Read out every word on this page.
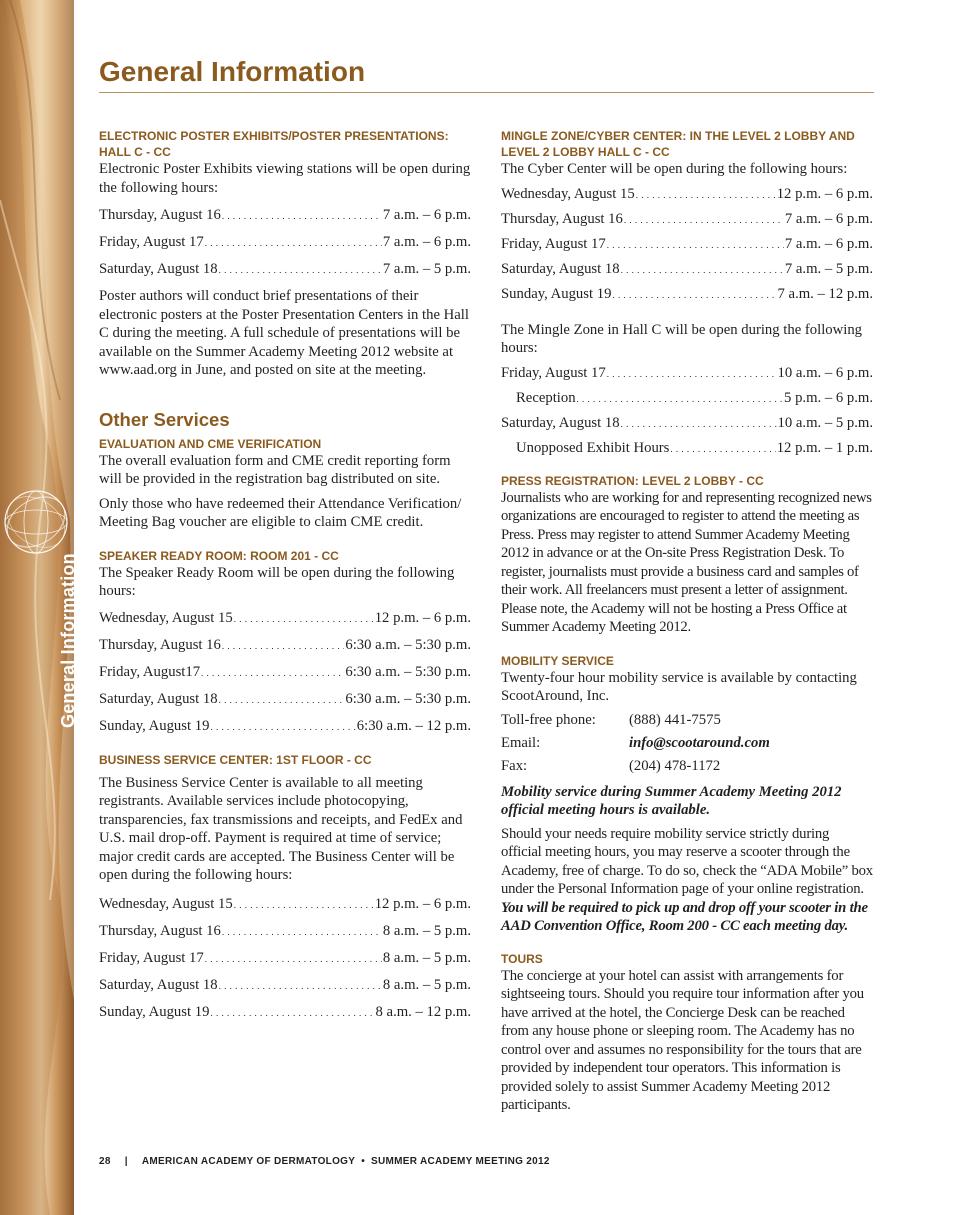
General Information
General Information
ELECTRONIC POSTER EXHIBITS/POSTER PRESENTATIONS:
HALL C - CC

Electronic Poster Exhibits viewing stations will be open during the following hours:

Thursday, August 16 . . .	7 a.m. – 6 p.m.
Friday, August 17 . . .	7 a.m. – 6 p.m.
Saturday, August 18 . . .	7 a.m. – 5 p.m.

Poster authors will conduct brief presentations of their electronic posters at the Poster Presentation Centers in the Hall C during the meeting. A full schedule of presentations will be available on the Summer Academy Meeting 2012 website at www.aad.org in June, and posted on site at the meeting.

Other Services
EVALUATION AND CME VERIFICATION

The overall evaluation form and CME credit reporting form will be provided in the registration bag distributed on site.

Only those who have redeemed their Attendance Verification/ Meeting Bag voucher are eligible to claim CME credit.

SPEAKER READY ROOM: ROOM 201 - CC

The Speaker Ready Room will be open during the following hours:

Wednesday, August 15 . . .	12 p.m. – 6 p.m.
Thursday, August 16 . . .	6:30 a.m. – 5:30 p.m.
Friday, August17 . . .	6:30 a.m. – 5:30 p.m.
Saturday, August 18 . . .	6:30 a.m. – 5:30 p.m.
Sunday, August 19 . . .	6:30 a.m. – 12 p.m.
BUSINESS SERVICE CENTER: 1ST FLOOR - CC

The Business Service Center is available to all meeting registrants. Available services include photocopying, transparencies, fax transmissions and receipts, and FedEx and U.S. mail drop-off. Payment is required at time of service; major credit cards are accepted. The Business Center will be open during the following hours:

Wednesday, August 15 . . .	12 p.m. – 6 p.m.
Thursday, August 16 . . .	8 a.m. – 5 p.m.
Friday, August 17 . . .	8 a.m. – 5 p.m.
Saturday, August 18 . . .	8 a.m. – 5 p.m.
Sunday, August 19 . . .	8 a.m. – 12 p.m.
MINGLE ZONE/CYBER CENTER: IN THE LEVEL 2 LOBBY AND
LEVEL 2 LOBBY HALL C - CC

The Cyber Center will be open during the following hours:

Wednesday, August 15 . . .	12 p.m. – 6 p.m.
Thursday, August 16 . . .	7 a.m. – 6 p.m.
Friday, August 17 . . .	7 a.m. – 6 p.m.
Saturday, August 18 . . .	7 a.m. – 5 p.m.
Sunday, August 19 . . .	7 a.m. – 12 p.m.

The Mingle Zone in Hall C will be open during the following hours:

Friday, August 17 . . .	10 a.m. – 6 p.m.
Reception . . .	5 p.m. – 6 p.m.
Saturday, August 18 . . .	10 a.m. – 5 p.m.
Unopposed Exhibit Hours . . .	12 p.m. – 1 p.m.
PRESS REGISTRATION: LEVEL 2 LOBBY - CC

Journalists who are working for and representing recognized news organizations are encouraged to register to attend the meeting as Press. Press may register to attend Summer Academy Meeting 2012 in advance or at the On-site Press Registration Desk. To register, journalists must provide a business card and samples of their work. All freelancers must present a letter of assignment. Please note, the Academy will not be hosting a Press Office at Summer Academy Meeting 2012.

MOBILITY SERVICE

Twenty-four hour mobility service is available by contacting ScootAround, Inc.

Toll-free phone:	(888) 441-7575
Email:	info@scootaround.com
Fax:	(204) 478-1172

Mobility service during Summer Academy Meeting 2012 official meeting hours is available.

Should your needs require mobility service strictly during official meeting hours, you may reserve a scooter through the Academy, free of charge. To do so, check the “ADA Mobile” box under the Personal Information page of your online registration. You will be required to pick up and drop off your scooter in the AAD Convention Office, Room 200 - CC each meeting day.

TOURS

The concierge at your hotel can assist with arrangements for sightseeing tours. Should you require tour information after you have arrived at the hotel, the Concierge Desk can be reached from any house phone or sleeping room. The Academy has no control over and assumes no responsibility for the tours that are provided by independent tour operators. This information is provided solely to assist Summer Academy Meeting 2012 participants.

28 | AMERICAN ACADEMY OF DERMATOLOGY • SUMMER ACADEMY MEETING 2012
